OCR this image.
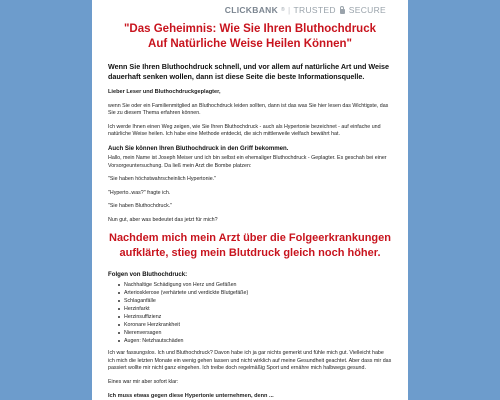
CLICKBANK ® | TRUSTED SECURE
"Das Geheimnis: Wie Sie Ihren Bluthochdruck
Auf Natürliche Weise Heilen Können"

Wenn Sie Ihren Bluthochdruck schnell, und vor allem auf natürliche Art und Weise dauerhaft senken wollen, dann ist diese Seite die beste Informationsquelle.

Lieber Leser und Bluthochdruckgeplagter,

wenn Sie oder ein Familienmitglied an Bluthochdruck leiden sollten, dann ist das was Sie hier lesen das Wichtigste, das Sie zu diesem Thema erfahren können.

Ich werde Ihnen einen Weg zeigen, wie Sie Ihren Bluthochdruck - auch als Hypertonie bezeichnet - auf einfache und natürliche Weise heilen. Ich habe eine Methode entdeckt, die sich mittlerweile vielfach bewährt hat.

Auch Sie können Ihren Bluthochdruck in den Griff bekommen.

Hallo, mein Name ist Joseph Meiser und ich bin selbst ein ehemaliger Bluthochdruck - Geplagter. Es geschah bei einer Vorsorgeuntersuchung. Da ließ mein Arzt die Bombe platzen:

"Sie haben höchstwahrscheinlich Hypertonie."

"Hyperto..was?" fragte ich.

"Sie haben Bluthochdruck."

Nun gut, aber was bedeutet das jetzt für mich?

Nachdem mich mein Arzt über die Folgeerkrankungen
aufklärte, stieg mein Blutdruck gleich noch höher.

Folgen von Bluthochdruck:

Nachhaltige Schädigung von Herz und Gefäßen
Arteriosklerose (verhärtete und verdickte Blutgefäße)
Schlaganfälle
Herzinfarkt
Herzinsuffizienz
Koronare Herzkrankheit
Nierenversagen
Augen: Netzhautschäden

Ich war fassungslos. Ich und Bluthochdruck? Davon habe ich ja gar nichts gemerkt und fühle mich gut. Vielleicht habe ich mich die letzten Monate ein wenig gehen lassen und nicht wirklich auf meine Gesundheit geachtet. Aber dass mir das passiert wollte mir nicht ganz eingehen. Ich treibe doch regelmäßig Sport und ernähre mich halbwegs gesund.

Eines war mir aber sofort klar:

Ich muss etwas gegen diese Hypertonie unternehmen, denn ...
